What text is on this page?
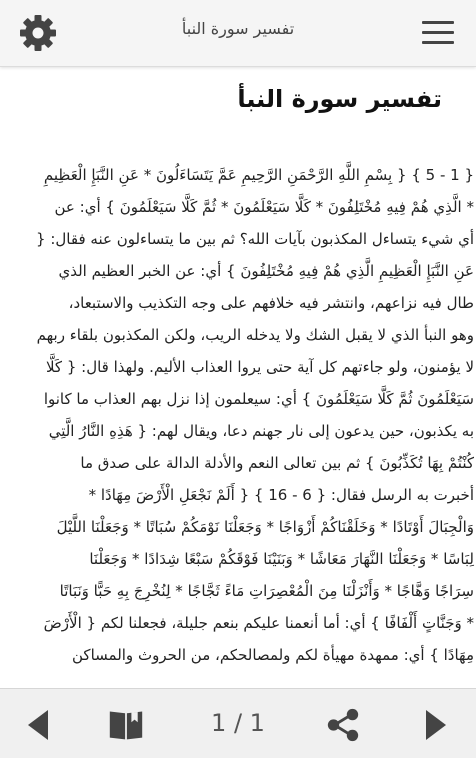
تفسير سورة النبأ
تفسير سورة النبأ
{ 1 - 5 } { بِسْمِ اللَّهِ الرَّحْمَنِ الرَّحِيمِ عَمَّ يَتَسَاءَلُونَ * عَنِ النَّبَإِ الْعَظِيمِ
* الَّذِي هُمْ فِيهِ مُخْتَلِفُونَ * كَلَّا سَيَعْلَمُونَ * ثُمَّ كَلَّا سَيَعْلَمُونَ } أي: عن
أي شيء يتساءل المكذبون بآيات الله؟ ثم بين ما يتساءلون عنه فقال: {
عَنِ النَّبَإِ الْعَظِيمِ الَّذِي هُمْ فِيهِ مُخْتَلِفُونَ } أي: عن الخبر العظيم الذي
طال فيه نزاعهم، وانتشر فيه خلافهم على وجه التكذيب والاستبعاد،
وهو النبأ الذي لا يقبل الشك ولا يدخله الريب، ولكن المكذبون بلقاء ربهم
لا يؤمنون، ولو جاءتهم كل آية حتى يروا العذاب الأليم. ولهذا قال: { كَلَّا
سَيَعْلَمُونَ ثُمَّ كَلَّا سَيَعْلَمُونَ } أي: سيعلمون إذا نزل بهم العذاب ما كانوا
به يكذبون، حين يدعون إلى نار جهنم دعا، ويقال لهم: { هَذِهِ النَّارُ الَّتِي
كُنْتُمْ بِهَا تُكَذِّبُونَ } ثم بين تعالى النعم والأدلة الدالة على صدق ما
أخبرت به الرسل فقال: { 6 - 16 } { أَلَمْ نَجْعَلِ الْأَرْضَ مِهَادًا *
وَالْجِبَالَ أَوْتَادًا * وَخَلَقْنَاكُمْ أَزْوَاجًا * وَجَعَلْنَا نَوْمَكُمْ سُبَاتًا * وَجَعَلْنَا اللَّيْلَ
لِبَاسًا * وَجَعَلْنَا النَّهَارَ مَعَاشًا * وَبَنَيْنَا فَوْقَكُمْ سَبْعًا شِدَادًا * وَجَعَلْنَا
سِرَاجًا وَهَّاجًا * وَأَنْزَلْنَا مِنَ الْمُعْصِرَاتِ مَاءً ثَجَّاجًا * لِنُخْرِجَ بِهِ حَبًّا وَنَبَاتًا
* وَجَنَّاتٍ أَلْفَافًا } أي: أما أنعمنا عليكم بنعم جليلة، فجعلنا لكم { الْأَرْضَ
مِهَادًا } أي: ممهدة مهيأة لكم ولمصالحكم، من الحروث والمساكن
1 / 1
